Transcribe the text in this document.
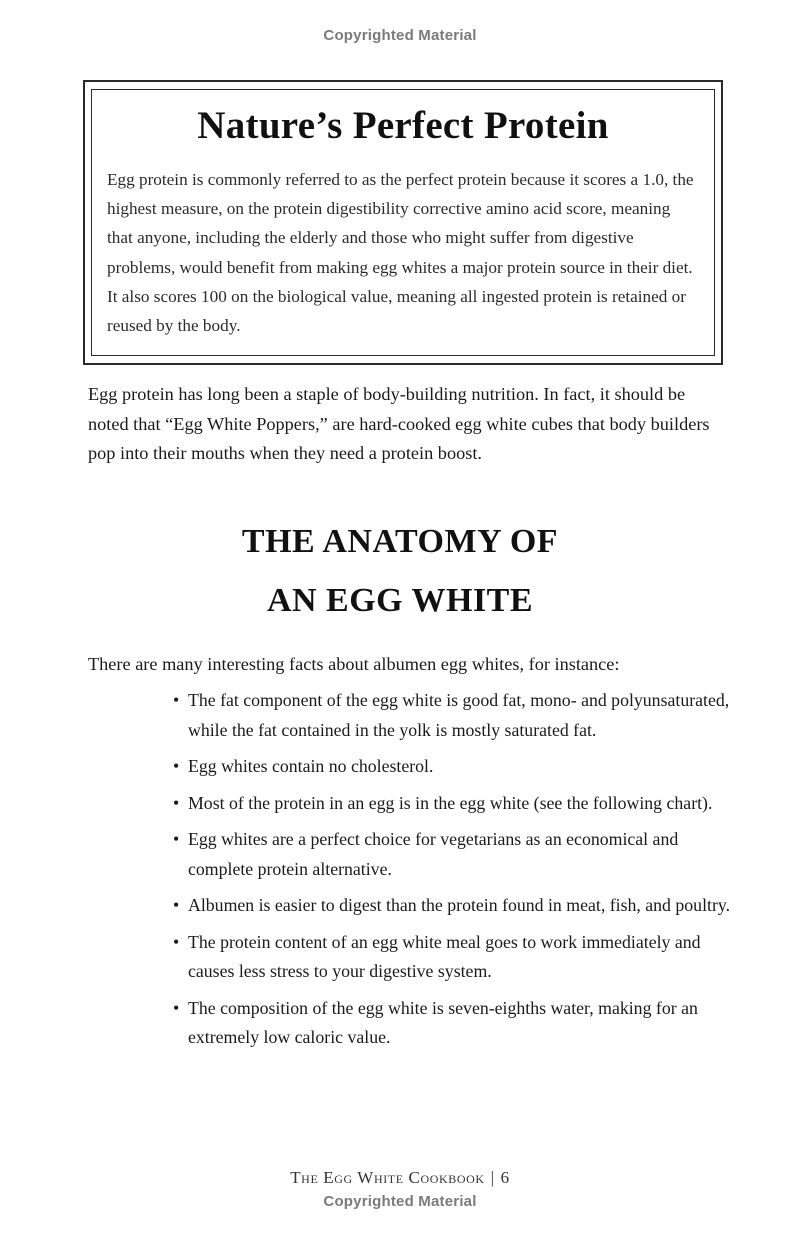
Copyrighted Material
Nature’s Perfect Protein
Egg protein is commonly referred to as the perfect protein because it scores a 1.0, the highest measure, on the protein digestibility corrective amino acid score, meaning that anyone, including the elderly and those who might suffer from digestive problems, would benefit from making egg whites a major protein source in their diet. It also scores 100 on the biological value, meaning all ingested protein is retained or reused by the body.
Egg protein has long been a staple of body-building nutrition. In fact, it should be noted that “Egg White Poppers,” are hard-cooked egg white cubes that body builders pop into their mouths when they need a protein boost.
THE ANATOMY OF
AN EGG WHITE
There are many interesting facts about albumen egg whites, for instance:
• The fat component of the egg white is good fat, mono- and polyunsaturated, while the fat contained in the yolk is mostly saturated fat.
• Egg whites contain no cholesterol.
• Most of the protein in an egg is in the egg white (see the following chart).
• Egg whites are a perfect choice for vegetarians as an economical and complete protein alternative.
• Albumen is easier to digest than the protein found in meat, fish, and poultry.
• The protein content of an egg white meal goes to work immediately and causes less stress to your digestive system.
• The composition of the egg white is seven-eighths water, making for an extremely low caloric value.
The Egg White Cookbook | 6
Copyrighted Material
